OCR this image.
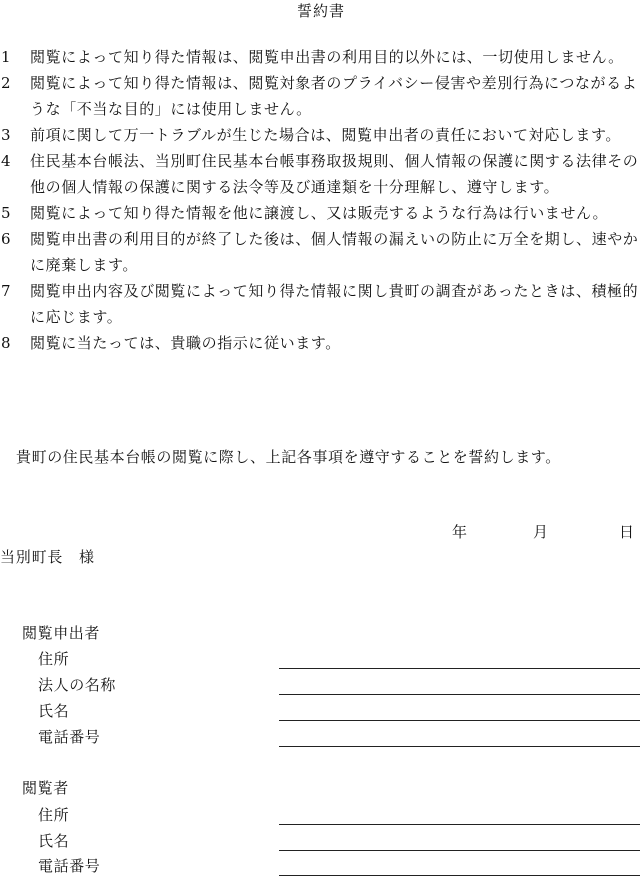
誓約書
1	閲覧によって知り得た情報は、閲覧申出書の利用目的以外には、一切使用しません。
2	閲覧によって知り得た情報は、閲覧対象者のプライバシー侵害や差別行為につながるような「不当な目的」には使用しません。
3	前項に関して万一トラブルが生じた場合は、閲覧申出者の責任において対応します。
4	住民基本台帳法、当別町住民基本台帳事務取扱規則、個人情報の保護に関する法律その他の個人情報の保護に関する法令等及び通達類を十分理解し、遵守します。
5	閲覧によって知り得た情報を他に譲渡し、又は販売するような行為は行いません。
6	閲覧申出書の利用目的が終了した後は、個人情報の漏えいの防止に万全を期し、速やかに廃棄します。
7	閲覧申出内容及び閲覧によって知り得た情報に関し貴町の調査があったときは、積極的に応じます。
8	閲覧に当たっては、貴職の指示に従います。
貴町の住民基本台帳の閲覧に際し、上記各事項を遵守することを誓約します。
年	月	日
当別町長　様
閲覧申出者
住所
法人の名称
氏名
電話番号
閲覧者
住所
氏名
電話番号
